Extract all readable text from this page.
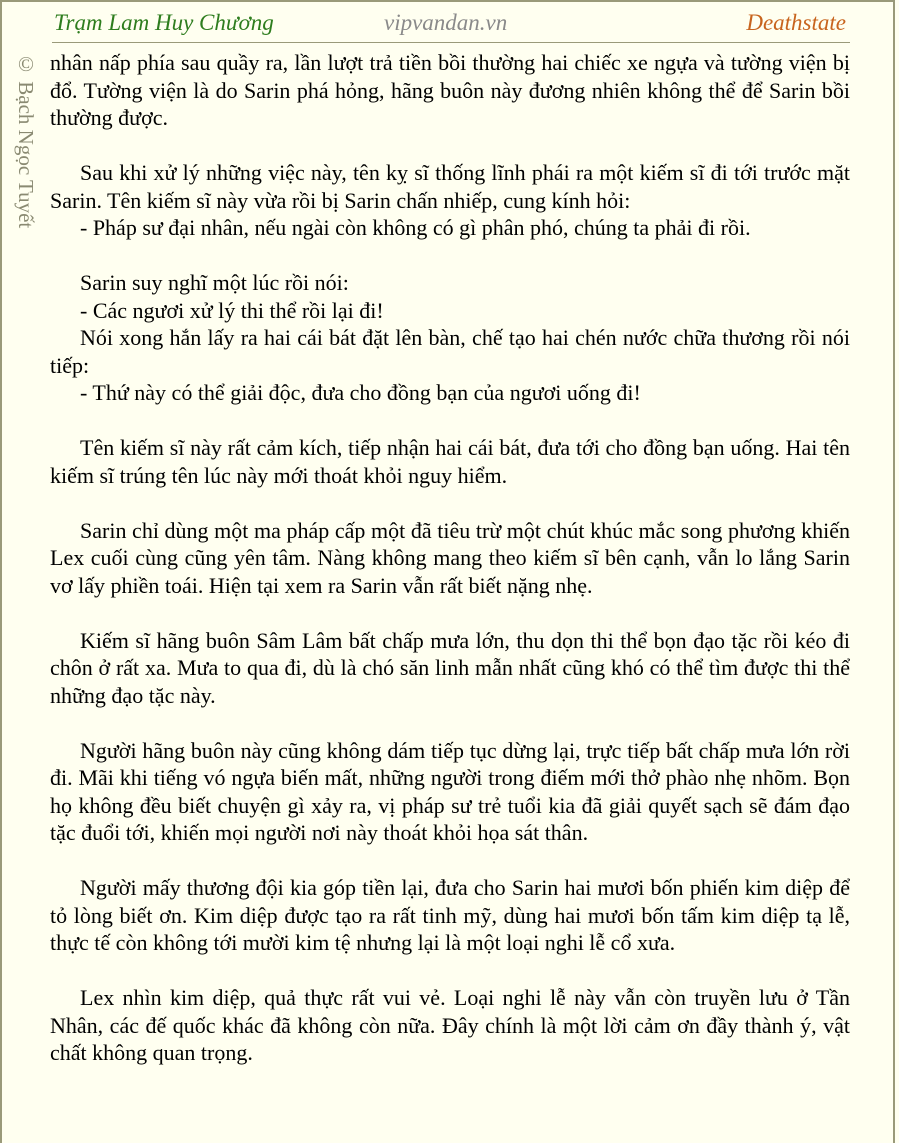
Trạm Lam Huy Chương	vipvandan.vn	Deathstate
© Bạch Ngọc Tuyết nhân nấp phía sau quầy ra, lần lượt trả tiền bồi thường hai chiếc xe ngựa và tường viện bị đổ. Tường viện là do Sarin phá hỏng, hãng buôn này đương nhiên không thể để Sarin bồi thường được.

Sau khi xử lý những việc này, tên kỵ sĩ thống lĩnh phái ra một kiếm sĩ đi tới trước mặt Sarin. Tên kiếm sĩ này vừa rồi bị Sarin chấn nhiếp, cung kính hỏi:

- Pháp sư đại nhân, nếu ngài còn không có gì phân phó, chúng ta phải đi rồi.

Sarin suy nghĩ một lúc rồi nói:

- Các ngươi xử lý thi thể rồi lại đi!

Nói xong hắn lấy ra hai cái bát đặt lên bàn, chế tạo hai chén nước chữa thương rồi nói tiếp:

- Thứ này có thể giải độc, đưa cho đồng bạn của ngươi uống đi!

Tên kiếm sĩ này rất cảm kích, tiếp nhận hai cái bát, đưa tới cho đồng bạn uống. Hai tên kiếm sĩ trúng tên lúc này mới thoát khỏi nguy hiểm.

Sarin chỉ dùng một ma pháp cấp một đã tiêu trừ một chút khúc mắc song phương khiến Lex cuối cùng cũng yên tâm. Nàng không mang theo kiếm sĩ bên cạnh, vẫn lo lắng Sarin vơ lấy phiền toái. Hiện tại xem ra Sarin vẫn rất biết nặng nhẹ.

Kiếm sĩ hãng buôn Sâm Lâm bất chấp mưa lớn, thu dọn thi thể bọn đạo tặc rồi kéo đi chôn ở rất xa. Mưa to qua đi, dù là chó săn linh mẫn nhất cũng khó có thể tìm được thi thể những đạo tặc này.

Người hãng buôn này cũng không dám tiếp tục dừng lại, trực tiếp bất chấp mưa lớn rời đi. Mãi khi tiếng vó ngựa biến mất, những người trong điếm mới thở phào nhẹ nhõm. Bọn họ không đều biết chuyện gì xảy ra, vị pháp sư trẻ tuổi kia đã giải quyết sạch sẽ đám đạo tặc đuổi tới, khiến mọi người nơi này thoát khỏi họa sát thân.

Người mấy thương đội kia góp tiền lại, đưa cho Sarin hai mươi bốn phiến kim diệp để tỏ lòng biết ơn. Kim diệp được tạo ra rất tinh mỹ, dùng hai mươi bốn tấm kim diệp tạ lễ, thực tế còn không tới mười kim tệ nhưng lại là một loại nghi lễ cổ xưa.

Lex nhìn kim diệp, quả thực rất vui vẻ. Loại nghi lễ này vẫn còn truyền lưu ở Tần Nhân, các đế quốc khác đã không còn nữa. Đây chính là một lời cảm ơn đầy thành ý, vật chất không quan trọng.
